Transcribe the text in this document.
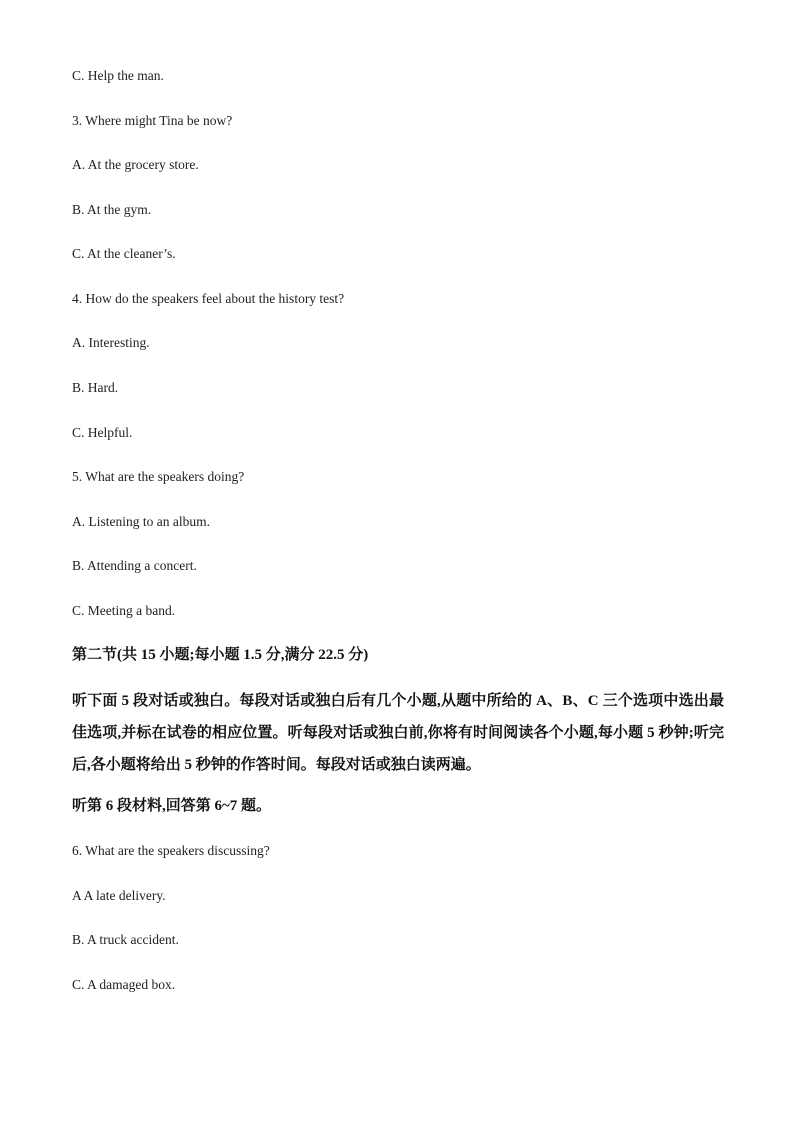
C. Help the man.
3. Where might Tina be now?
A. At the grocery store.
B. At the gym.
C. At the cleaner’s.
4. How do the speakers feel about the history test?
A. Interesting.
B. Hard.
C. Helpful.
5. What are the speakers doing?
A. Listening to an album.
B. Attending a concert.
C. Meeting a band.
第二节(共 15 小题;每小题 1.5 分,满分 22.5 分)
听下面 5 段对话或独白。每段对话或独白后有几个小题,从题中所给的 A、B、C 三个选项中选出最佳选项,并标在试卷的相应位置。听每段对话或独白前,你将有时间阅读各个小题,每小题 5 秒钟;听完后,各小题将给出 5 秒钟的作答时间。每段对话或独白读两遍。
听第 6 段材料,回答第 6~7 题。
6. What are the speakers discussing?
A A late delivery.
B. A truck accident.
C. A damaged box.
